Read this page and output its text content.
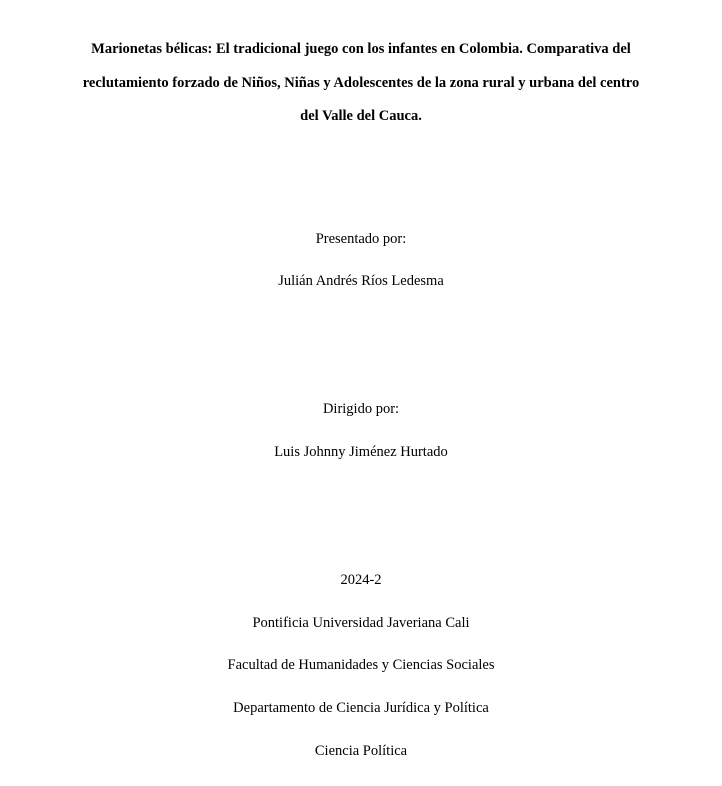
Marionetas bélicas: El tradicional juego con los infantes en Colombia. Comparativa del
reclutamiento forzado de Niños, Niñas y Adolescentes de la zona rural y urbana del centro
del Valle del Cauca.

Presentado por:

Julián Andrés Ríos Ledesma

Dirigido por:

Luis Johnny Jiménez Hurtado

2024-2

Pontificia Universidad Javeriana Cali

Facultad de Humanidades y Ciencias Sociales

Departamento de Ciencia Jurídica y Política

Ciencia Política
